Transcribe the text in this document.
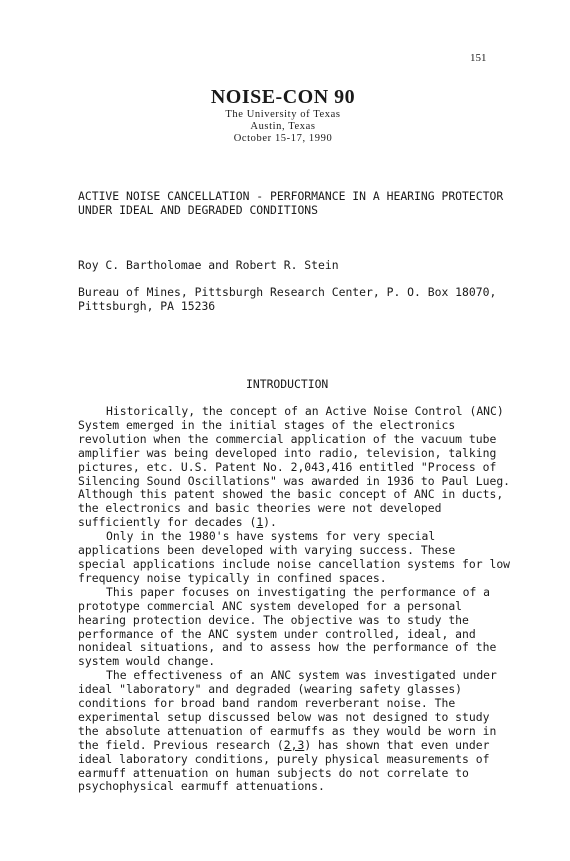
151
NOISE-CON 90
The University of Texas
Austin, Texas
October 15-17, 1990
ACTIVE NOISE CANCELLATION - PERFORMANCE IN A HEARING PROTECTOR
UNDER IDEAL AND DEGRADED CONDITIONS
Roy C. Bartholomae and Robert R. Stein
Bureau of Mines, Pittsburgh Research Center, P. O. Box 18070,
Pittsburgh, PA 15236
INTRODUCTION
Historically, the concept of an Active Noise Control (ANC)
System emerged in the initial stages of the electronics
revolution when the commercial application of the vacuum tube
amplifier was being developed into radio, television, talking
pictures, etc. U.S. Patent No. 2,043,416 entitled "Process of
Silencing Sound Oscillations" was awarded in 1936 to Paul Lueg.
Although this patent showed the basic concept of ANC in ducts,
the electronics and basic theories were not developed
sufficiently for decades (1).
Only in the 1980's have systems for very special
applications been developed with varying success. These
special applications include noise cancellation systems for low
frequency noise typically in confined spaces.
This paper focuses on investigating the performance of a
prototype commercial ANC system developed for a personal
hearing protection device. The objective was to study the
performance of the ANC system under controlled, ideal, and
nonideal situations, and to assess how the performance of the
system would change.
The effectiveness of an ANC system was investigated under
ideal "laboratory" and degraded (wearing safety glasses)
conditions for broad band random reverberant noise. The
experimental setup discussed below was not designed to study
the absolute attenuation of earmuffs as they would be worn in
the field. Previous research (2,3) has shown that even under
ideal laboratory conditions, purely physical measurements of
earmuff attenuation on human subjects do not correlate to
psychophysical earmuff attenuations.
